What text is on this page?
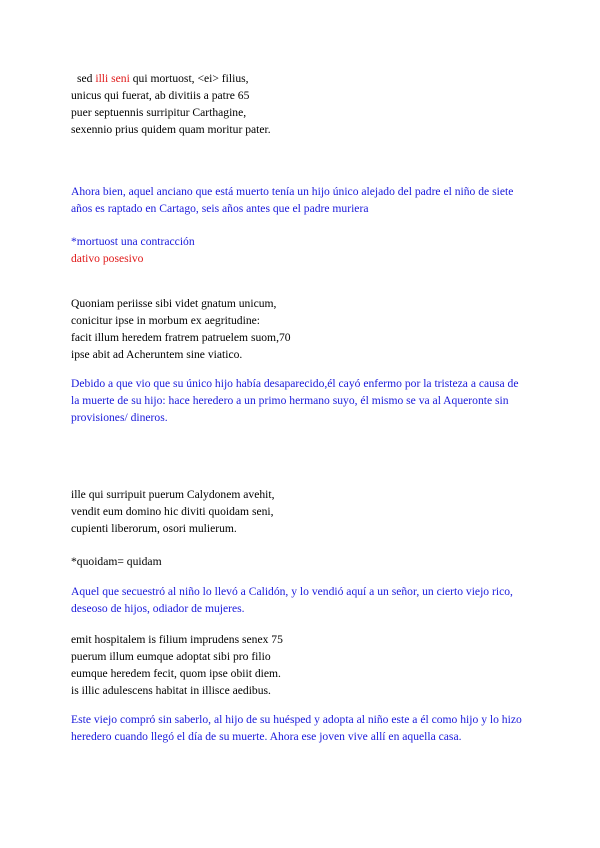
sed illi seni qui mortuost, <ei> filius,

unicus qui fuerat, ab divitiis a patre 65

puer septuennis surripitur Carthagine,

sexennio prius quidem quam moritur pater.

Ahora bien, aquel anciano que está muerto tenía un hijo único alejado del padre el niño de siete años es raptado en Cartago, seis años antes que el padre muriera

*mortuost una contracción

dativo posesivo

Quoniam periisse sibi videt gnatum unicum,

conicitur ipse in morbum ex aegritudine:

facit illum heredem fratrem patruelem suom,70

ipse abit ad Acheruntem sine viatico.

Debido a que vio que su único hijo había desaparecido,él cayó enfermo por la tristeza a causa de la muerte de su hijo: hace heredero a un primo hermano suyo, él mismo se va al Aqueronte sin provisiones/ dineros.

ille qui surripuit puerum Calydonem avehit,

vendit eum domino hic diviti quoidam seni,

cupienti liberorum, osori mulierum.

*quoidam= quidam

Aquel que secuestró al niño lo llevó a Calidón, y lo vendió aquí a un señor, un cierto viejo rico, deseoso de hijos, odiador de mujeres.

emit hospitalem is filium imprudens senex 75

puerum illum eumque adoptat sibi pro filio

eumque heredem fecit, quom ipse obiit diem.

is illic adulescens habitat in illisce aedibus.

Este viejo compró sin saberlo, al hijo de su huésped y adopta al niño este a él como hijo y lo hizo heredero cuando llegó el día de su muerte. Ahora ese joven vive allí en aquella casa.
